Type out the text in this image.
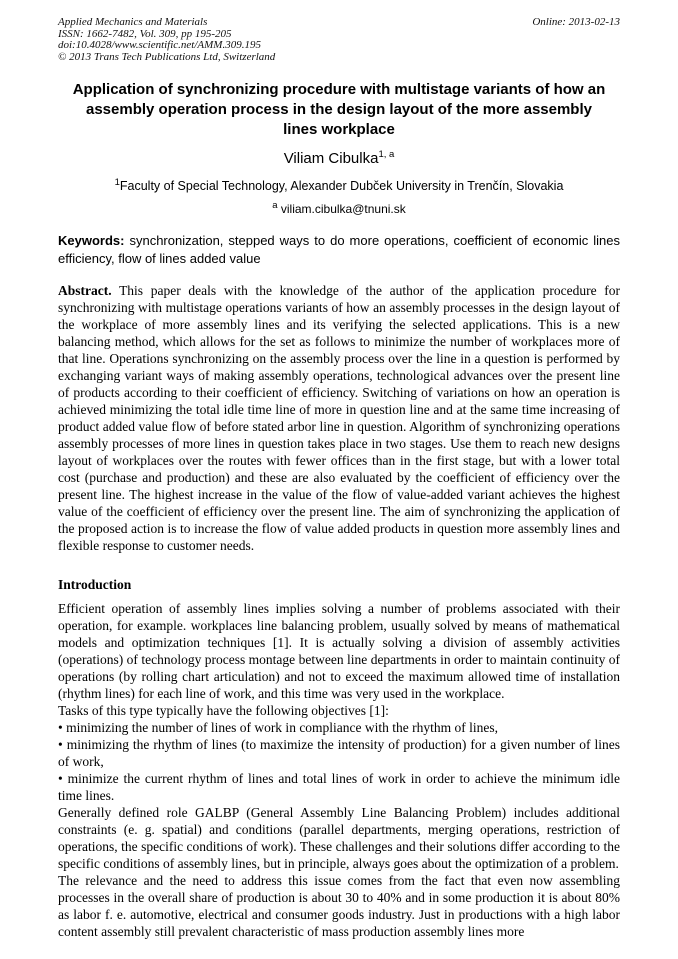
Applied Mechanics and Materials
ISSN: 1662-7482, Vol. 309, pp 195-205
doi:10.4028/www.scientific.net/AMM.309.195
© 2013 Trans Tech Publications Ltd, Switzerland
Online: 2013-02-13
Application of synchronizing procedure with multistage variants of how an assembly operation process in the design layout of the more assembly lines workplace
Viliam Cibulka$^{1, a}$
$^1$Faculty of Special Technology, Alexander Dubček University in Trenčín, Slovakia
$^a$ viliam.cibulka@tnuni.sk

Keywords: synchronization, stepped ways to do more operations, coefficient of economic lines efficiency, flow of lines added value

Abstract. This paper deals with the knowledge of the author of the application procedure for synchronizing with multistage operations variants of how an assembly processes in the design layout of the workplace of more assembly lines and its verifying the selected applications. This is a new balancing method, which allows for the set as follows to minimize the number of workplaces more of that line. Operations synchronizing on the assembly process over the line in a question is performed by exchanging variant ways of making assembly operations, technological advances over the present line of products according to their coefficient of efficiency. Switching of variations on how an operation is achieved minimizing the total idle time line of more in question line and at the same time increasing of product added value flow of before stated arbor line in question. Algorithm of synchronizing operations assembly processes of more lines in question takes place in two stages. Use them to reach new designs layout of workplaces over the routes with fewer offices than in the first stage, but with a lower total cost (purchase and production) and these are also evaluated by the coefficient of efficiency over the present line. The highest increase in the value of the flow of value-added variant achieves the highest value of the coefficient of efficiency over the present line. The aim of synchronizing the application of the proposed action is to increase the flow of value added products in question more assembly lines and flexible response to customer needs.

Introduction

Efficient operation of assembly lines implies solving a number of problems associated with their operation, for example. workplaces line balancing problem, usually solved by means of mathematical models and optimization techniques [1]. It is actually solving a division of assembly activities (operations) of technology process montage between line departments in order to maintain continuity of operations (by rolling chart articulation) and not to exceed the maximum allowed time of installation (rhythm lines) for each line of work, and this time was very used in the workplace.

Tasks of this type typically have the following objectives [1]:

• minimizing the number of lines of work in compliance with the rhythm of lines,

• minimizing the rhythm of lines (to maximize the intensity of production) for a given number of lines of work,

• minimize the current rhythm of lines and total lines of work in order to achieve the minimum idle time lines.

Generally defined role GALBP (General Assembly Line Balancing Problem) includes additional constraints (e. g. spatial) and conditions (parallel departments, merging operations, restriction of operations, the specific conditions of work). These challenges and their solutions differ according to the specific conditions of assembly lines, but in principle, always goes about the optimization of a problem.

The relevance and the need to address this issue comes from the fact that even now assembling processes in the overall share of production is about 30 to 40% and in some production it is about 80% as labor f. e. automotive, electrical and consumer goods industry. Just in productions with a high labor content assembly still prevalent characteristic of mass production assembly lines more
